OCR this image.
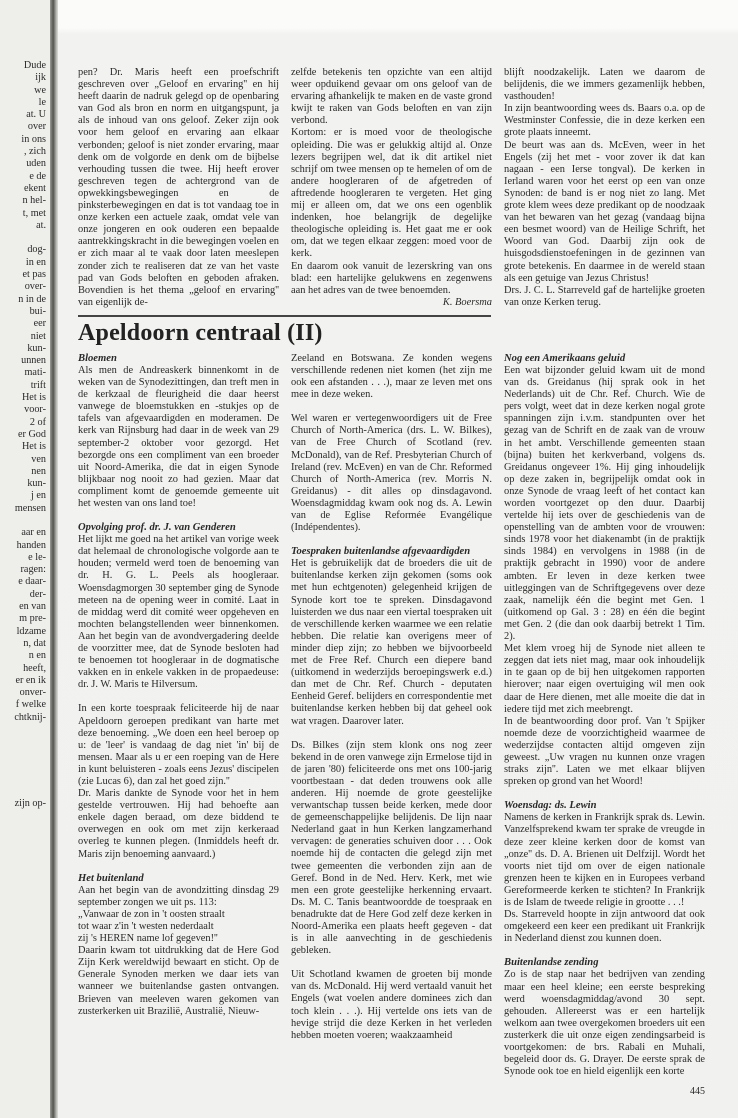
Dude
ijk
we
le
at. U
over
in ons
, zich
uden
e de
ekent
n hel-
t, met
at.

dog-
in en
et pas
over-
n in de
bui-
eer
niet
kun-
unnen
mati-
trift
Het is
voor-
2 of
er God
Het is
ven
nen
kun-
j en
mensen

aar en
handen
e le-
ragen:
e daar-
der-
en van
m pre-
ldzame
n, dat
n en
heeft,
er en ik
onver-
f welke
chtknij-

zijn op-

pen? Dr. Maris heeft een proefschrift geschreven over „Geloof en ervaring'' en hij heeft daarin de nadruk gelegd op de openbaring van God als bron en norm en uitgangspunt, ja als de inhoud van ons geloof. Zeker zijn ook voor hem geloof en ervaring aan elkaar verbonden; geloof is niet zonder ervaring, maar denk om de volgorde en denk om de bijbelse verhouding tussen die twee. Hij heeft erover geschreven tegen de achtergrond van de opwekkingsbewegingen en de pinksterbewegingen en dat is tot vandaag toe in onze kerken een actuele zaak, omdat vele van onze jongeren en ook ouderen een bepaalde aantrekkingskracht in die bewegingen voelen en er zich maar al te vaak door laten meeslepen zonder zich te realiseren dat ze van het vaste pad van Gods beloften en geboden afraken. Bovendien is het thema „geloof en ervaring'' van eigenlijk de-

zelfde betekenis ten opzichte van een altijd weer opduikend gevaar om ons geloof van de ervaring afhankelijk te maken en de vaste grond kwijt te raken van Gods beloften en van zijn verbond.

Kortom: er is moed voor de theologische opleiding. Die was er gelukkig altijd al. Onze lezers begrijpen wel, dat ik dit artikel niet schrijf om twee mensen op te hemelen of om de andere hoogleraren of de afgetreden of aftredende hoogleraren te vergeten. Het ging mij er alleen om, dat we ons een ogenblik indenken, hoe belangrijk de degelijke theologische opleiding is. Het gaat me er ook om, dat we tegen elkaar zeggen: moed voor de kerk.

En daarom ook vanuit de lezerskring van ons blad: een hartelijke gelukwens en zegenwens aan het adres van de twee benoemden.

K. Boersma

blijft noodzakelijk. Laten we daarom de belijdenis, die we immers gezamenlijk hebben, vasthouden!

In zijn beantwoording wees ds. Baars o.a. op de Westminster Confessie, die in deze kerken een grote plaats inneemt.

De beurt was aan ds. McEven, weer in het Engels (zij het met - voor zover ik dat kan nagaan - een Ierse tongval). De kerken in Ierland waren voor het eerst op een van onze Synoden: de band is er nog niet zo lang. Met grote klem wees deze predikant op de noodzaak van het bewaren van het gezag (vandaag bijna een besmet woord) van de Heilige Schrift, het Woord van God. Daarbij zijn ook de huisgodsdienstoefeningen in de gezinnen van grote betekenis. En daarmee in de wereld staan als een getuige van Jezus Christus!

Drs. J. C. L. Starreveld gaf de hartelijke groeten van onze Kerken terug.

Apeldoorn centraal (II)
Bloemen

Als men de Andreaskerk binnenkomt in de weken van de Synodezittingen, dan treft men in de kerkzaal de fleurigheid die daar heerst vanwege de bloemstukken en -stukjes op de tafels van afgevaardigden en moderamen. De kerk van Rijnsburg had daar in de week van 29 september-2 oktober voor gezorgd. Het bezorgde ons een compliment van een broeder uit Noord-Amerika, die dat in eigen Synode blijkbaar nog nooit zo had gezien. Maar dat compliment komt de genoemde gemeente uit het westen van ons land toe!

Opvolging prof. dr. J. van Genderen

Het lijkt me goed na het artikel van vorige week dat helemaal de chronologische volgorde aan te houden; vermeld werd toen de benoeming van dr. H. G. L. Peels als hoogleraar. Woensdagmorgen 30 september ging de Synode meteen na de opening weer in comité. Laat in de middag werd dit comité weer opgeheven en mochten belangstellenden weer binnenkomen. Aan het begin van de avondvergadering deelde de voorzitter mee, dat de Synode besloten had te benoemen tot hoogleraar in de dogmatische vakken en in enkele vakken in de propaedeuse: dr. J. W. Maris te Hilversum.

In een korte toespraak feliciteerde hij de naar Apeldoorn geroepen predikant van harte met deze benoeming. „We doen een heel beroep op u: de 'leer' is vandaag de dag niet 'in' bij de mensen. Maar als u er een roeping van de Here in kunt beluisteren - zoals eens Jezus' discipelen (zie Lucas 6), dan zal het goed zijn.''

Dr. Maris dankte de Synode voor het in hem gestelde vertrouwen. Hij had behoefte aan enkele dagen beraad, om deze biddend te overwegen en ook om met zijn kerkeraad overleg te kunnen plegen. (Inmiddels heeft dr. Maris zijn benoeming aanvaard.)

Het buitenland

Aan het begin van de avondzitting dinsdag 29 september zongen we uit ps. 113:

„Vanwaar de zon in 't oosten straalt

tot waar z'in 't westen nederdaalt

zij 's HEREN name lof gegeven!''

Daarin kwam tot uitdrukking dat de Here God Zijn Kerk wereldwijd bewaart en sticht. Op de Generale Synoden merken we daar iets van wanneer we buitenlandse gasten ontvangen. Brieven van meeleven waren gekomen van zusterkerken uit Brazilië, Australië, Nieuw-

Zeeland en Botswana. Ze konden wegens verschillende redenen niet komen (het zijn me ook een afstanden . . .), maar ze leven met ons mee in deze weken.

Wel waren er vertegenwoordigers uit de Free Church of North-America (drs. L. W. Bilkes), van de Free Church of Scotland (rev. McDonald), van de Ref. Presbyterian Church of Ireland (rev. McEven) en van de Chr. Reformed Church of North-America (rev. Morris N. Greidanus) - dit alles op dinsdagavond. Woensdagmiddag kwam ook nog ds. A. Lewin van de Eglise Reformée Evangélique (Indépendentes).

Toespraken buitenlandse afgevaardigden

Het is gebruikelijk dat de broeders die uit de buitenlandse kerken zijn gekomen (soms ook met hun echtgenoten) gelegenheid krijgen de Synode kort toe te spreken. Dinsdagavond luisterden we dus naar een viertal toespraken uit de verschillende kerken waarmee we een relatie hebben. Die relatie kan overigens meer of minder diep zijn; zo hebben we bijvoorbeeld met de Free Ref. Church een diepere band (uitkomend in wederzijds beroepingswerk e.d.) dan met de Chr. Ref. Church - deputaten Eenheid Geref. belijders en correspondentie met buitenlandse kerken hebben bij dat geheel ook wat vragen. Daarover later.

Ds. Bilkes (zijn stem klonk ons nog zeer bekend in de oren vanwege zijn Ermelose tijd in de jaren '80) feliciteerde ons met ons 100-jarig voortbestaan - dat deden trouwens ook alle anderen. Hij noemde de grote geestelijke verwantschap tussen beide kerken, mede door de gemeenschappelijke belijdenis. De lijn naar Nederland gaat in hun Kerken langzamerhand vervagen: de generaties schuiven door . . . Ook noemde hij de contacten die gelegd zijn met twee gemeenten die verbonden zijn aan de Geref. Bond in de Ned. Herv. Kerk, met wie men een grote geestelijke herkenning ervaart. Ds. M. C. Tanis beantwoordde de toespraak en benadrukte dat de Here God zelf deze kerken in Noord-Amerika een plaats heeft gegeven - dat is in alle aanvechting in de geschiedenis gebleken.

Uit Schotland kwamen de groeten bij monde van ds. McDonald. Hij werd vertaald vanuit het Engels (wat voelen andere dominees zich dan toch klein . . .). Hij vertelde ons iets van de hevige strijd die deze Kerken in het verleden hebben moeten voeren; waakzaamheid

Nog een Amerikaans geluid

Een wat bijzonder geluid kwam uit de mond van ds. Greidanus (hij sprak ook in het Nederlands) uit de Chr. Ref. Church. Wie de pers volgt, weet dat in deze kerken nogal grote spanningen zijn i.v.m. standpunten over het gezag van de Schrift en de zaak van de vrouw in het ambt. Verschillende gemeenten staan (bijna) buiten het kerkverband, volgens ds. Greidanus ongeveer 1%. Hij ging inhoudelijk op deze zaken in, begrijpelijk omdat ook in onze Synode de vraag leeft of het contact kan worden voortgezet op den duur. Daarbij vertelde hij iets over de geschiedenis van de openstelling van de ambten voor de vrouwen: sinds 1978 voor het diakenambt (in de praktijk sinds 1984) en vervolgens in 1988 (in de praktijk gebracht in 1990) voor de andere ambten. Er leven in deze kerken twee uitleggingen van de Schriftgegevens over deze zaak, namelijk één die begint met Gen. 1 (uitkomend op Gal. 3 : 28) en één die begint met Gen. 2 (die dan ook daarbij betrekt 1 Tim. 2).

Met klem vroeg hij de Synode niet alleen te zeggen dat iets niet mag, maar ook inhoudelijk in te gaan op de bij hen uitgekomen rapporten hierover; naar eigen overtuiging wil men ook daar de Here dienen, met alle moeite die dat in iedere tijd met zich meebrengt.

In de beantwoording door prof. Van 't Spijker noemde deze de voorzichtigheid waarmee de wederzijdse contacten altijd omgeven zijn geweest. „Uw vragen nu kunnen onze vragen straks zijn''. Laten we met elkaar blijven spreken op grond van het Woord!

Woensdag: ds. Lewin

Namens de kerken in Frankrijk sprak ds. Lewin. Vanzelfsprekend kwam ter sprake de vreugde in deze zeer kleine kerken door de komst van „onze'' ds. D. A. Brienen uit Delfzijl. Wordt het voorts niet tijd om over de eigen nationale grenzen heen te kijken en in Europees verband Gereformeerde kerken te stichten? In Frankrijk is de Islam de tweede religie in grootte . . .!

Ds. Starreveld hoopte in zijn antwoord dat ook omgekeerd een keer een predikant uit Frankrijk in Nederland dienst zou kunnen doen.

Buitenlandse zending

Zo is de stap naar het bedrijven van zending maar een heel kleine; een eerste bespreking werd woensdagmiddag/avond 30 sept. gehouden. Allereerst was er een hartelijk welkom aan twee overgekomen broeders uit een zusterkerk die uit onze eigen zendingsarbeid is voortgekomen: de brs. Rabali en Muhali, begeleid door ds. G. Drayer. De eerste sprak de Synode ook toe en hield eigenlijk een korte

445
